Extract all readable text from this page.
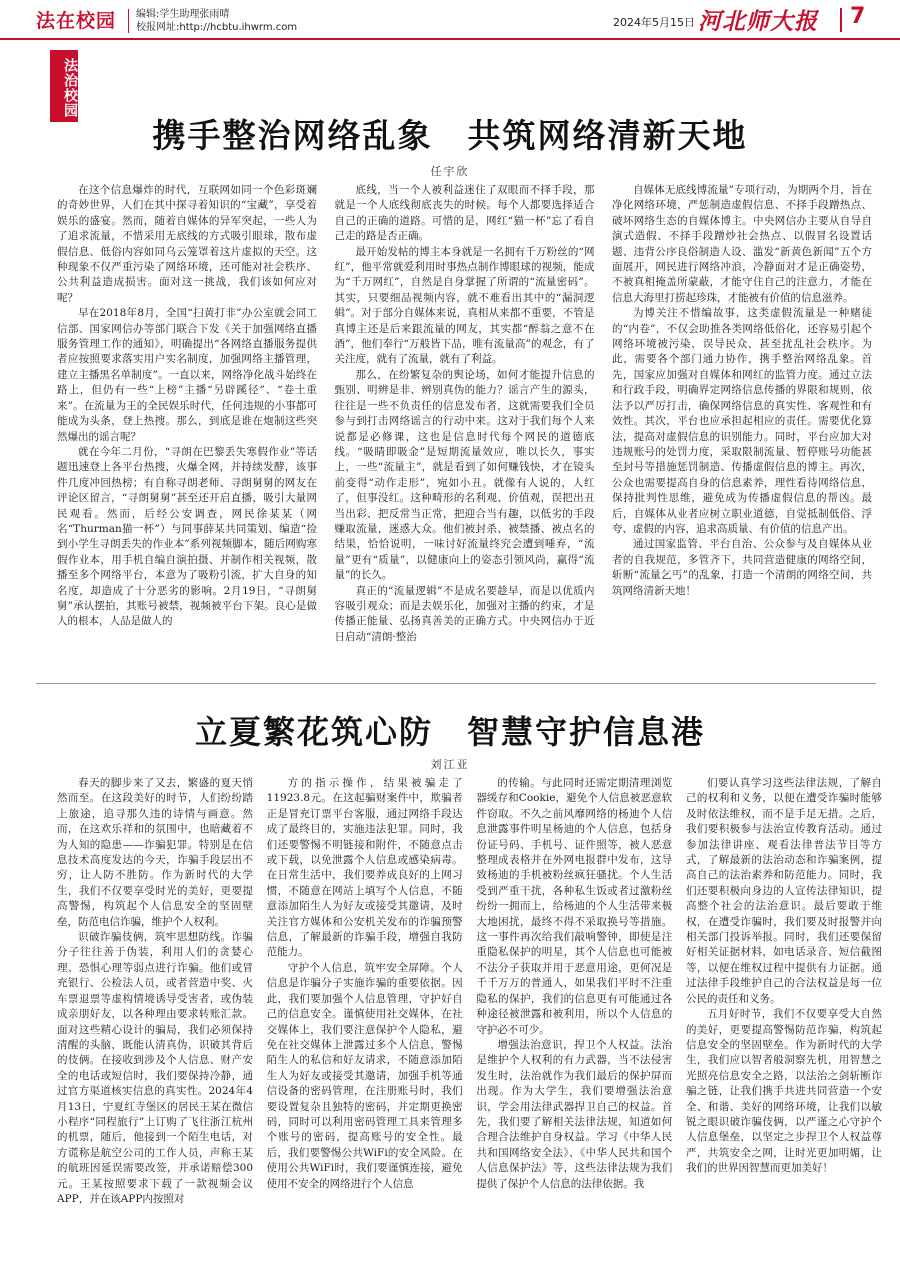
法在校园 编辑:学生助理张雨晴
校报网址:http://hcbtu.ihwrm.com	2024年5月15日 河北师大报 7
法治校园
携手整治网络乱象　共筑网络清新天地
任宇欣

在这个信息爆炸的时代，互联网如同一个色彩斑斓的奇妙世界，人们在其中探寻着知识的“宝藏”，享受着娱乐的盛宴。然而，随着自媒体的异军突起，一些人为了追求流量，不惜采用无底线的方式吸引眼球，散布虚假信息、低俗内容如同乌云笼罩着这片虚拟的天空。这种现象不仅严重污染了网络环境，还可能对社会秩序、公共利益造成损害。面对这一挑战，我们该如何应对呢？

早在2018年8月，全国“扫黄打非”办公室就会同工信部、国家网信办等部门联合下发《关于加强网络直播服务管理工作的通知》，明确提出“各网络直播服务提供者应按照要求落实用户实名制度，加强网络主播管理，建立主播黑名单制度”。一直以来，网络净化战斗始终在路上，但仍有一些“上榜”主播“另辟蹊径”、“卷土重来”。在流量为王的全民娱乐时代，任何违规的小事都可能成为头条，登上热搜。那么，到底是谁在炮制这些突然爆出的谣言呢？

就在今年二月份，“寻朗在巴黎丢失寒假作业”等话题迅速登上各平台热搜，火爆全网，并持续发酵，该事件几度冲回热榜；有自称寻朗老师、寻朗舅舅的网友在评论区留言，“寻朗舅舅”甚至还开启直播，吸引大量网民观看。然而，后经公安调查，网民徐某某（网名“Thurman猫一杯”）与同事薛某共同策划、编造“捡到小学生寻朗丢失的作业本”系列视频脚本，随后网购寒假作业本，用手机自编自演拍摄、并制作相关视频，散播至多个网络平台，本意为了吸粉引流，扩大自身的知名度，却造成了十分恶劣的影响。2月19日，“寻朗舅舅”承认摆拍，其账号被禁，视频被平台下架。良心是做人的根本，人品是做人的

底线，当一个人被利益迷住了双眼而不择手段，那就是一个人底线彻底丧失的时候。每个人都要选择适合自己的正确的道路。可惜的是，网红“猫一杯”忘了看自己走的路是否正确。

最开始发帖的博主本身就是一名拥有千万粉丝的“网红”，他平常就爱利用时事热点制作博眼球的视频，能成为“千万网红”，自然是自身掌握了所谓的“流量密码”。其实，只要细品视频内容，就不难看出其中的“漏洞逻辑”。对于部分自媒体来说，真相从来都不重要，不管是真博主还是后来跟流量的网友，其实都“醉翁之意不在酒”，他们奉行“万般皆下品，唯有流量高”的观念，有了关注度，就有了流量，就有了利益。

那么，在纷繁复杂的舆论场，如何才能提升信息的甄别、明辨是非、辨别真伪的能力？谣言产生的源头，往往是一些不负责任的信息发布者，这就需要我们全员参与到打击网络谣言的行动中来。这对于我们每个人来说都是必修课，这也是信息时代每个网民的道德底线。“吸睛即吸金”是短期流量效应，唯以长久，事实上，一些“流量主”，就是看到了如何赚钱快，才在镜头前变得“动作走形”，宛如小丑。就像有人说的，人红了，但事没红。这种畸形的名利观、价值观，误把出丑当出彩、把反常当正常，把迎合当有趣，以低劣的手段赚取流量，迷惑大众。他们被封杀、被禁播、被点名的结果，恰恰说明，一味讨好流量终究会遭到唾弃，“流量”更有“质量”，以健康向上的姿态引领风尚，赢得“流量”的长久。

真正的“流量逻辑”不是成名要趁早，而是以优质内容吸引观众；而是去娱乐化，加强对主播的约束，才是传播正能量、弘扬真善美的正确方式。中央网信办于近日启动“清朗·整治

自媒体无底线博流量”专项行动，为期两个月，旨在净化网络环境，严惩制造虚假信息、不择手段蹭热点、破坏网络生态的自媒体博主。中央网信办主要从自导自演式造假、不择手段蹭炒社会热点、以假冒名设置话题、违背公序良俗制造人设、滥发“新黄色新闻”五个方面展开，网民进行网络冲浪，冷静面对才是正确姿势，不被真相掩盖所蒙蔽，才能守住自己的注意力，才能在信息大海里打捞起珍珠，才能被有价值的信息滋养。

为博关注不惜编故事，这类虚假流量是一种赌徒的“内卷”，不仅会助推各类网络低俗化，还容易引起个网络环境被污染，误导民众，甚至扰乱社会秩序。为此，需要各个部门通力协作，携手整治网络乱象。首先，国家应加强对自媒体和网红的监管力度。通过立法和行政手段，明确界定网络信息传播的界限和规则，依法予以严厉打击，确保网络信息的真实性、客观性和有效性。其次，平台也应承担起相应的责任。需要优化算法，提高对虚假信息的识别能力。同时，平台应加大对违规账号的处罚力度，采取限制流量、暂停账号功能甚至封号等措施惩罚制造、传播虚假信息的博主。再次，公众也需要提高自身的信息素养，理性看待网络信息，保持批判性思维，避免成为传播虚假信息的帮凶。最后，自媒体从业者应树立职业道德，自觉抵制低俗、浮夸、虚假的内容，追求高质量、有价值的信息产出。

通过国家监管、平台自治、公众参与及自媒体从业者的自我规范，多管齐下，共同营造健康的网络空间，斩断“流量乞丐”的乱象，打造一个清朗的网络空间，共筑网络清新天地！

立夏繁花筑心防　智慧守护信息港
刘江亚

春天的脚步来了又去，繁盛的夏天悄然而至。在这段美好的时节，人们纷纷踏上旅途，追寻那久违的诗情与画意。然而，在这欢乐祥和的氛围中，也暗藏着不为人知的隐患——诈骗犯罪。特别是在信息技术高度发达的今天，诈骗手段层出不穷，让人防不胜防。作为新时代的大学生，我们不仅要享受时光的美好，更要提高警惕，构筑起个人信息安全的坚固壁垒，防范电信诈骗，维护个人权利。

识破诈骗伎俩，筑牢思想防线。诈骗分子往往善于伪装，利用人们的贪婪心理、恐惧心理等弱点进行诈骗。他们或冒充银行、公检法人员，或者营造中奖、火车票退票等虚构情境诱导受害者，或伪装成亲朋好友，以各种理由要求转账汇款。面对这些精心设计的骗局，我们必须保持清醒的头脑，既能认清真伪，识破其背后的伎俩。在接收到涉及个人信息、财产安全的电话或短信时，我们要保持冷静，通过官方渠道核实信息的真实性。2024年4月13日，宁夏红寺堡区的居民王某在微信小程序“同程旅行”上订购了飞往浙江杭州的机票，随后，他接到一个陌生电话，对方谎称是航空公司的工作人员，声称王某的航班因延误需要改签，并承诺赔偿300元。王某按照要求下载了一款视频会议APP，并在该APP内按照对

方的指示操作，结果被骗走了11923.8元。在这起骗财案件中，欺骗者正是冒充订票平台客服，通过网络手段达成了最终目的，实施违法犯罪。同时，我们还要警惕不明链接和附件，不随意点击或下载，以免泄露个人信息或感染病毒。在日常生活中，我们要养成良好的上网习惯，不随意在网站上填写个人信息，不随意添加陌生人为好友或接受其邀请，及时关注官方媒体和公安机关发布的诈骗预警信息，了解最新的诈骗手段，增强自我防范能力。

守护个人信息，筑牢安全屏障。个人信息是诈骗分子实施诈骗的重要依据。因此，我们要加强个人信息管理，守护好自己的信息安全。谨慎使用社交媒体，在社交媒体上，我们要注意保护个人隐私，避免在社交媒体上泄露过多个人信息，警惕陌生人的私信和好友请求，不随意添加陌生人为好友或接受其邀请，加强手机等通信设备的密码管理，在注册账号时，我们要设置复杂且独特的密码，并定期更换密码，同时可以利用密码管理工具来管理多个账号的密码，提高账号的安全性。最后，我们要警惕公共WiFi的安全风险。在使用公共WiFi时，我们要谨慎连接，避免使用不安全的网络进行个人信息

的传输。与此同时还需定期清理浏览器缓存和Cookie，避免个人信息被恶意软件窃取。不久之前风靡网络的杨迪个人信息泄露事件明星杨迪的个人信息，包括身份证号码、手机号、证件照等，被人恶意整理成表格并在外网电报群中发布，这导致杨迪的手机被粉丝疯狂骚扰。个人生活受到严重干扰，各种私生饭或者过激粉丝纷纷一拥而上，给杨迪的个人生活带来极大地困扰，最终不得不采取换号等措施。这一事件再次给我们敲响警钟，即使是注重隐私保护的明星，其个人信息也可能被不法分子获取并用于恶意用途，更何况是千千万万的普通人，如果我们平时不注重隐私的保护，我们的信息更有可能通过各种途径被泄露和被利用，所以个人信息的守护必不可少。

增强法治意识，捍卫个人权益。法治是维护个人权利的有力武器，当不法侵害发生时，法治就作为我们最后的保护屏而出现。作为大学生，我们要增强法治意识，学会用法律武器捍卫自己的权益。首先，我们要了解相关法律法规，知道如何合理合法维护自身权益。学习《中华人民共和国网络安全法》、《中华人民共和国个人信息保护法》等，这些法律法规为我们提供了保护个人信息的法律依据。我

们要认真学习这些法律法规，了解自己的权利和义务，以便在遭受诈骗时能够及时依法维权，而不是手足无措。之后，我们要积极参与法治宣传教育活动。通过参加法律讲座、观看法律普法节目等方式，了解最新的法治动态和诈骗案例，提高自己的法治素养和防范能力。同时，我们还要积极向身边的人宣传法律知识，提高整个社会的法治意识。最后要敢于维权，在遭受诈骗时，我们要及时报警并向相关部门投诉举报。同时，我们还要保留好相关证据材料，如电话录音、短信截图等，以便在维权过程中提供有力证据。通过法律手段维护自己的合法权益是每一位公民的责任和义务。

五月好时节，我们不仅要享受大自然的美好，更要提高警惕防范诈骗，构筑起信息安全的坚固壁垒。作为新时代的大学生，我们应以智者般洞察先机，用智慧之光照亮信息安全之路，以法治之剑斩断诈骗之链，让我们携手共进共同营造一个安全、和谐、美好的网络环境，让我们以敏锐之眼识破诈骗伎俩，以严谨之心守护个人信息堡垒，以坚定之步捍卫个人权益尊严，共筑安全之网，让时光更加明媚，让我们的世界因智慧而更加美好！
